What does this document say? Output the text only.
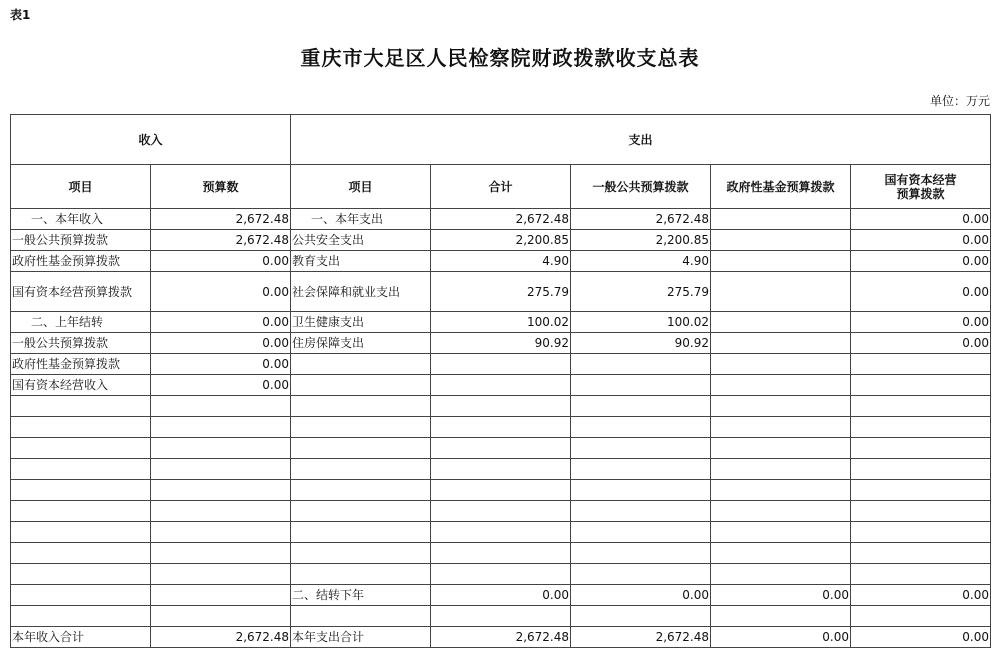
表1
重庆市大足区人民检察院财政拨款收支总表
单位：万元
收入		支出				
项目	预算数	项目	合计	一般公共预算拨款	政府性基金预算拨款	国有资本经营预算拨款
一、本年收入	2,672.48	一、本年支出	2,672.48	2,672.48		0.00
一般公共预算拨款	2,672.48	公共安全支出	2,200.85	2,200.85		0.00
政府性基金预算拨款	0.00	教育支出	4.90	4.90		0.00
国有资本经营预算拨款	0.00	社会保障和就业支出	275.79	275.79		0.00
二、上年结转	0.00	卫生健康支出	100.02	100.02		0.00
一般公共预算拨款	0.00	住房保障支出	90.92	90.92		0.00
政府性基金预算拨款	0.00					
国有资本经营收入	0.00					

		二、结转下年	0.00	0.00	0.00	0.00

本年收入合计	2,672.48	本年支出合计	2,672.48	2,672.48	0.00	0.00
